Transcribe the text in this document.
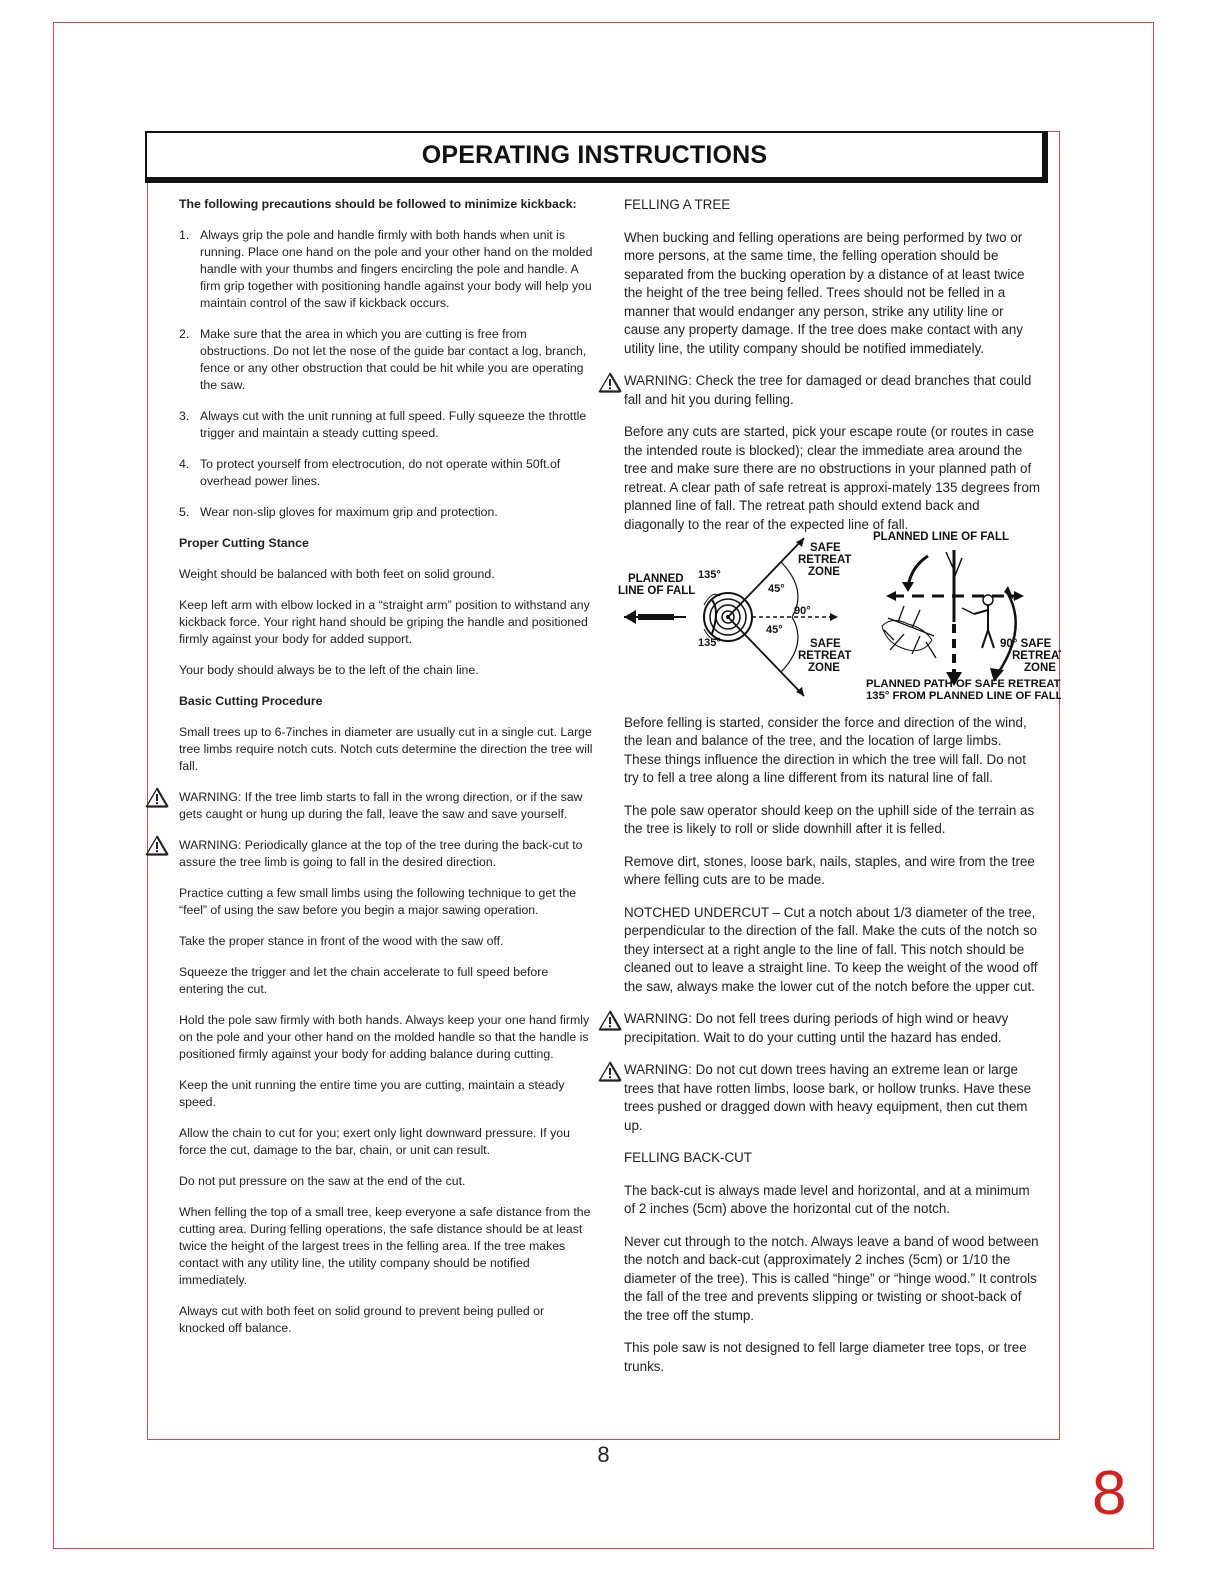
OPERATING INSTRUCTIONS

The following precautions should be followed to minimize kickback:

1. Always grip the pole and handle firmly with both hands when unit is running. Place one hand on the pole and your other hand on the molded handle with your thumbs and fingers encircling the pole and handle. A firm grip together with positioning handle against your body will help you maintain control of the saw if kickback occurs.
2. Make sure that the area in which you are cutting is free from obstructions. Do not let the nose of the guide bar contact a log, branch, fence or any other obstruction that could be hit while you are operating the saw.
3. Always cut with the unit running at full speed. Fully squeeze the throttle trigger and maintain a steady cutting speed.
4. To protect yourself from electrocution, do not operate within 50ft.of overhead power lines.
5. Wear non-slip gloves for maximum grip and protection.

Proper Cutting Stance

Weight should be balanced with both feet on solid ground.

Keep left arm with elbow locked in a “straight arm” position to withstand any kickback force. Your right hand should be griping the handle and positioned firmly against your body for added support.

Your body should always be to the left of the chain line.

Basic Cutting Procedure

Small trees up to 6-7inches in diameter are usually cut in a single cut. Large tree limbs require notch cuts. Notch cuts determine the direction the tree will fall.

WARNING: If the tree limb starts to fall in the wrong direction, or if the saw gets caught or hung up during the fall, leave the saw and save yourself.

WARNING: Periodically glance at the top of the tree during the back-cut to assure the tree limb is going to fall in the desired direction.

Practice cutting a few small limbs using the following technique to get the “feel” of using the saw before you begin a major sawing operation.

Take the proper stance in front of the wood with the saw off.

Squeeze the trigger and let the chain accelerate to full speed before entering the cut.

Hold the pole saw firmly with both hands. Always keep your one hand firmly on the pole and your other hand on the molded handle so that the handle is positioned firmly against your body for adding balance during cutting.

Keep the unit running the entire time you are cutting, maintain a steady speed.

Allow the chain to cut for you; exert only light downward pressure. If you force the cut, damage to the bar, chain, or unit can result.

Do not put pressure on the saw at the end of the cut.

When felling the top of a small tree, keep everyone a safe distance from the cutting area. During felling operations, the safe distance should be at least twice the height of the largest trees in the felling area. If the tree makes contact with any utility line, the utility company should be notified immediately.

Always cut with both feet on solid ground to prevent being pulled or knocked off balance.

FELLING A TREE

When bucking and felling operations are being performed by two or more persons, at the same time, the felling operation should be separated from the bucking operation by a distance of at least twice the height of the tree being felled. Trees should not be felled in a manner that would endanger any person, strike any utility line or cause any property damage. If the tree does make contact with any utility line, the utility company should be notified immediately.

WARNING: Check the tree for damaged or dead branches that could fall and hit you during felling.

Before any cuts are started, pick your escape route (or routes in case the intended route is blocked); clear the immediate area around the tree and make sure there are no obstructions in your planned path of retreat. A clear path of safe retreat is approxi-mately 135 degrees from planned line of fall. The retreat path should extend back and diagonally to the rear of the expected line of fall.

PLANNED
LINE OF FALL
135°
135°
45°
45°
90°
SAFE
RETREAT
ZONE
SAFE
RETREAT
ZONE
PLANNED LINE OF FALL
90° SAFE
RETREAT
ZONE
PLANNED PATH OF SAFE RETREAT
135° FROM PLANNED LINE OF FALL

Before felling is started, consider the force and direction of the wind, the lean and balance of the tree, and the location of large limbs. These things influence the direction in which the tree will fall. Do not try to fell a tree along a line different from its natural line of fall.

The pole saw operator should keep on the uphill side of the terrain as the tree is likely to roll or slide downhill after it is felled.

Remove dirt, stones, loose bark, nails, staples, and wire from the tree where felling cuts are to be made.

NOTCHED UNDERCUT – Cut a notch about 1/3 diameter of the tree, perpendicular to the direction of the fall. Make the cuts of the notch so they intersect at a right angle to the line of fall. This notch should be cleaned out to leave a straight line. To keep the weight of the wood off the saw, always make the lower cut of the notch before the upper cut.

WARNING: Do not fell trees during periods of high wind or heavy precipitation. Wait to do your cutting until the hazard has ended.

WARNING: Do not cut down trees having an extreme lean or large trees that have rotten limbs, loose bark, or hollow trunks. Have these trees pushed or dragged down with heavy equipment, then cut them up.

FELLING BACK-CUT

The back-cut is always made level and horizontal, and at a minimum of 2 inches (5cm) above the horizontal cut of the notch.

Never cut through to the notch. Always leave a band of wood between the notch and back-cut (approximately 2 inches (5cm) or 1/10 the diameter of the tree). This is called “hinge” or “hinge wood.” It controls the fall of the tree and prevents slipping or twisting or shoot-back of the tree off the stump.

This pole saw is not designed to fell large diameter tree tops, or tree trunks.

8
8
